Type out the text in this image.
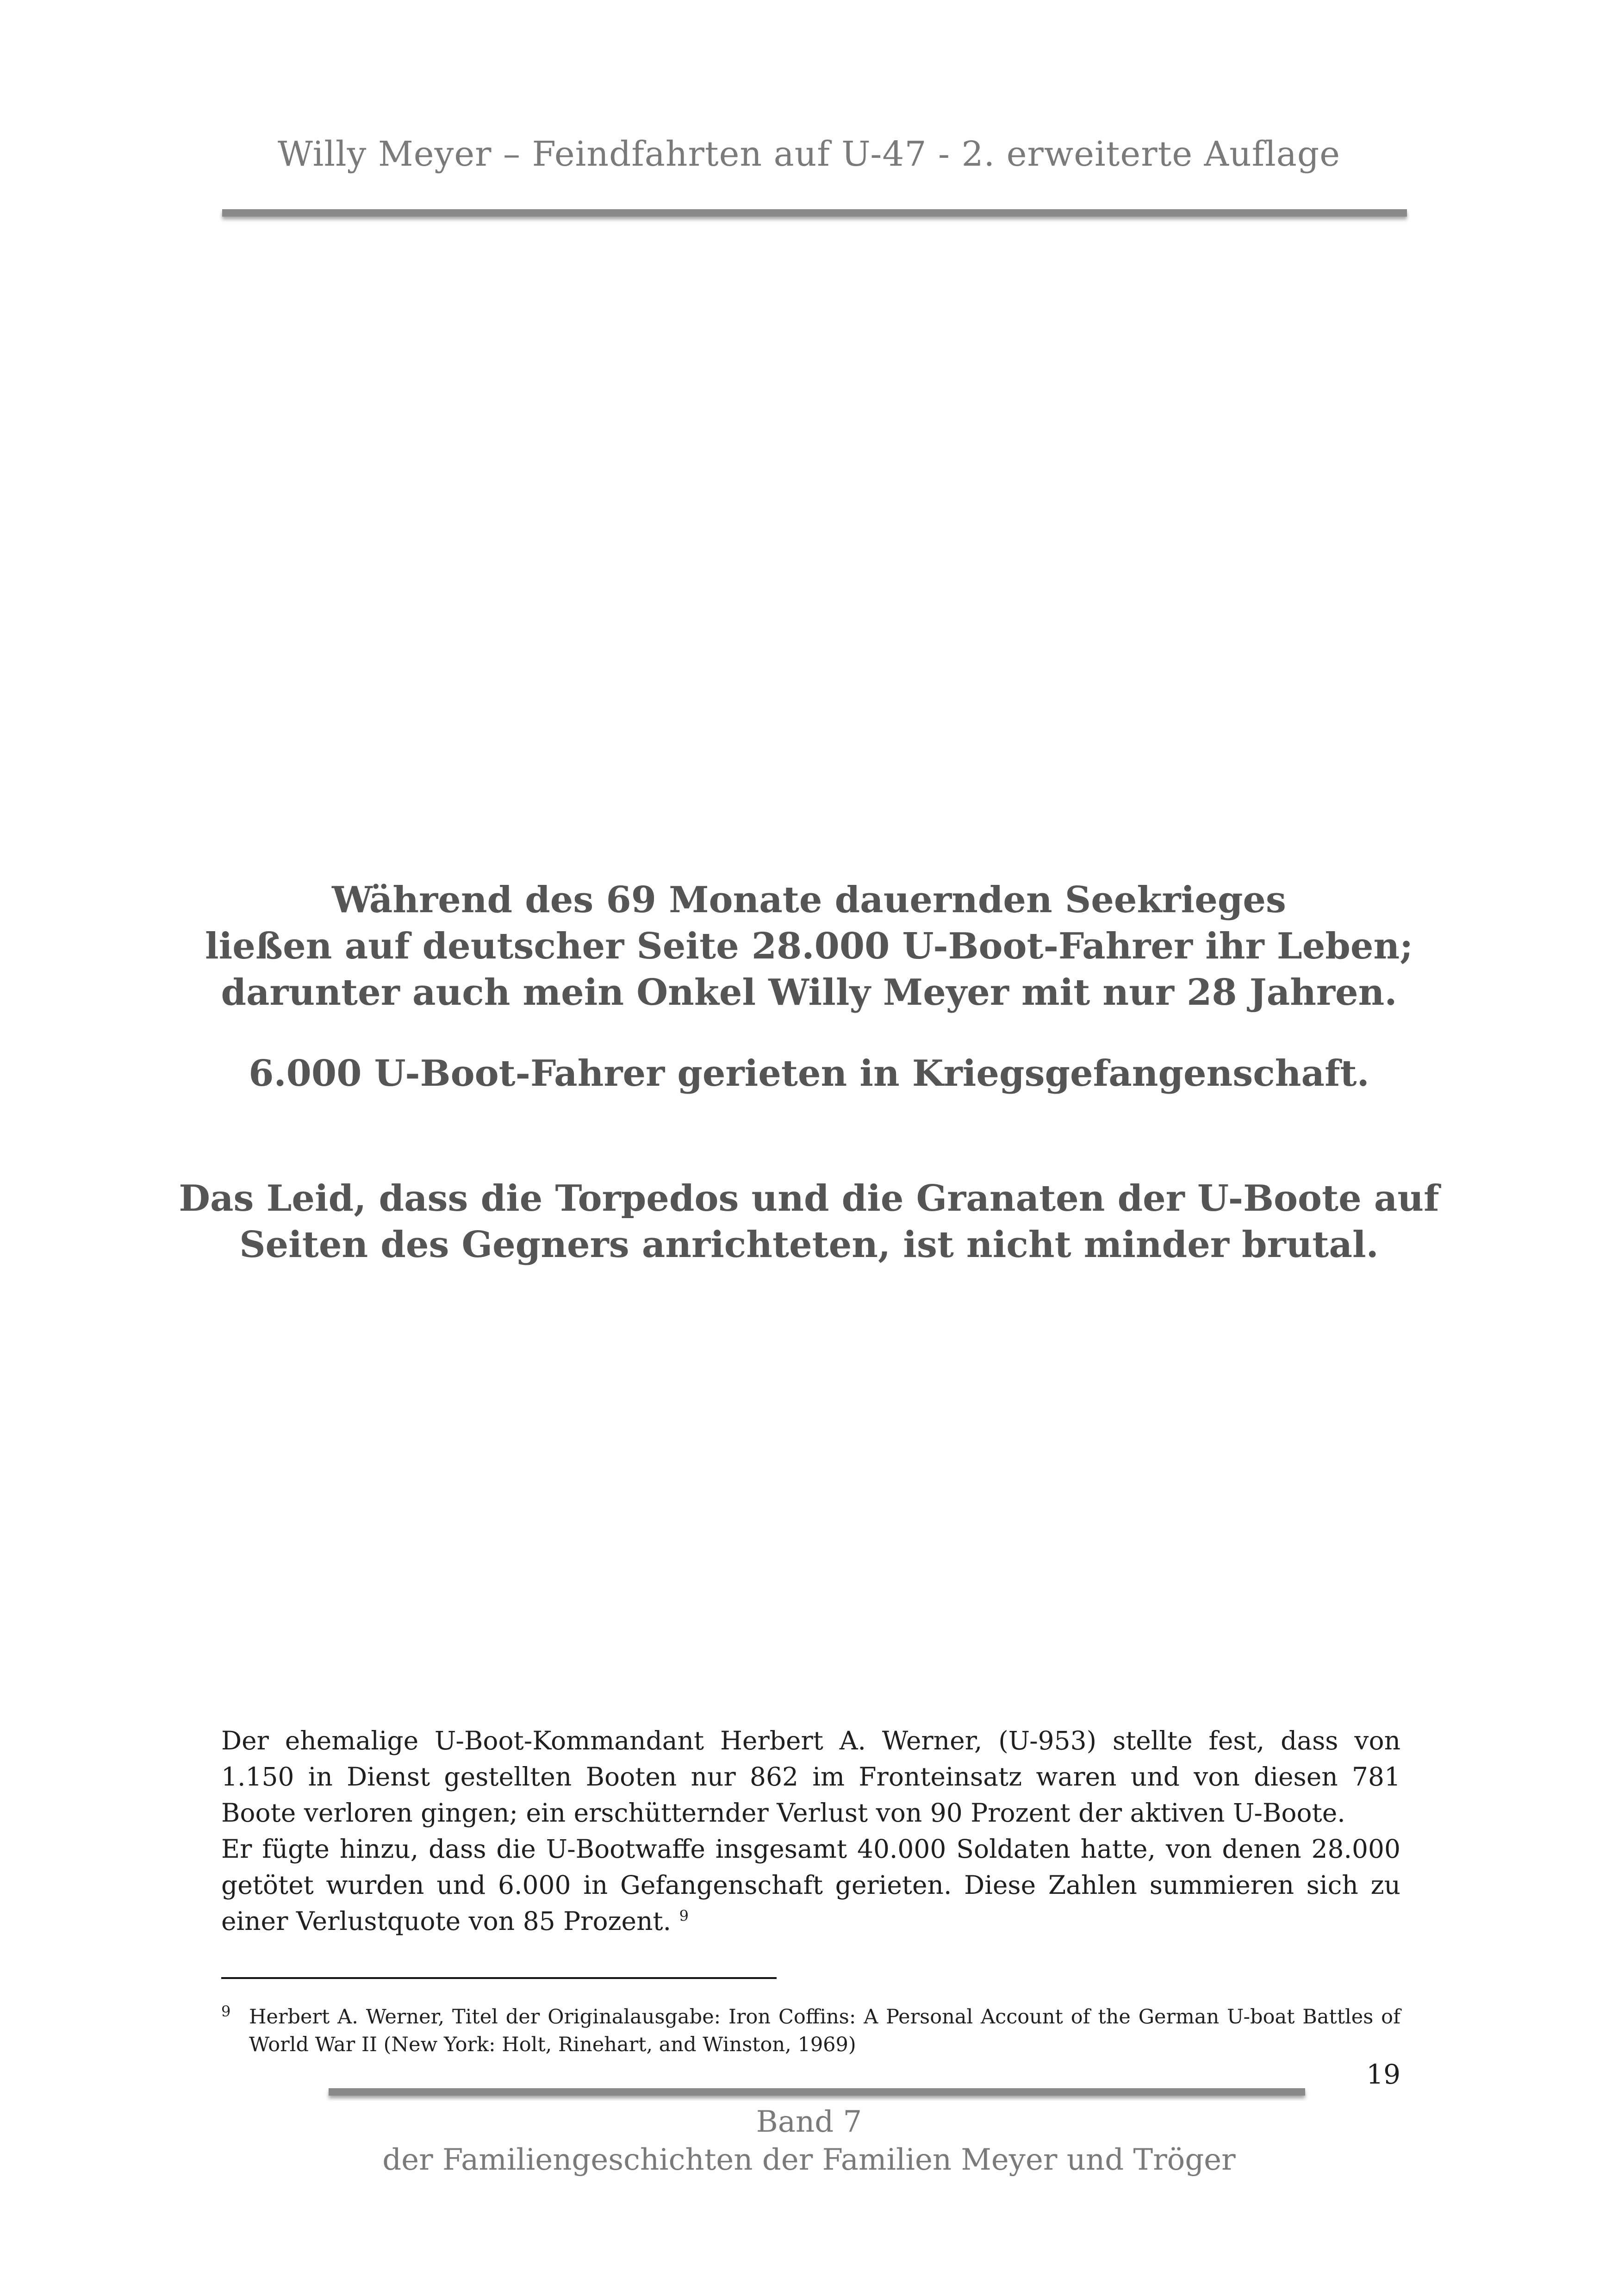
Willy Meyer – Feindfahrten auf U-47 - 2. erweiterte Auflage
Während des 69 Monate dauernden Seekrieges
ließen auf deutscher Seite 28.000 U-Boot-Fahrer ihr Leben;
darunter auch mein Onkel Willy Meyer mit nur 28 Jahren.
6.000 U-Boot-Fahrer gerieten in Kriegsgefangenschaft.
Das Leid, dass die Torpedos und die Granaten der U-Boote auf
Seiten des Gegners anrichteten, ist nicht minder brutal.

Der ehemalige U-Boot-Kommandant Herbert A. Werner, (U-953) stellte fest, dass von

1.150 in Dienst gestellten Booten nur 862 im Fronteinsatz waren und von diesen 781

Boote verloren gingen; ein erschütternder Verlust von 90 Prozent der aktiven U-Boote.

Er fügte hinzu, dass die U-Bootwaffe insgesamt 40.000 Soldaten hatte, von denen 28.000

getötet wurden und 6.000 in Gefangenschaft gerieten. Diese Zahlen summieren sich zu

einer Verlustquote von 85 Prozent. $^9$

9 Herbert A. Werner, Titel der Originalausgabe: Iron Coffins: A Personal Account of the German U-boat Battles of
World War II (New York: Holt, Rinehart, and Winston, 1969)
19
Band 7
der Familiengeschichten der Familien Meyer und Tröger
